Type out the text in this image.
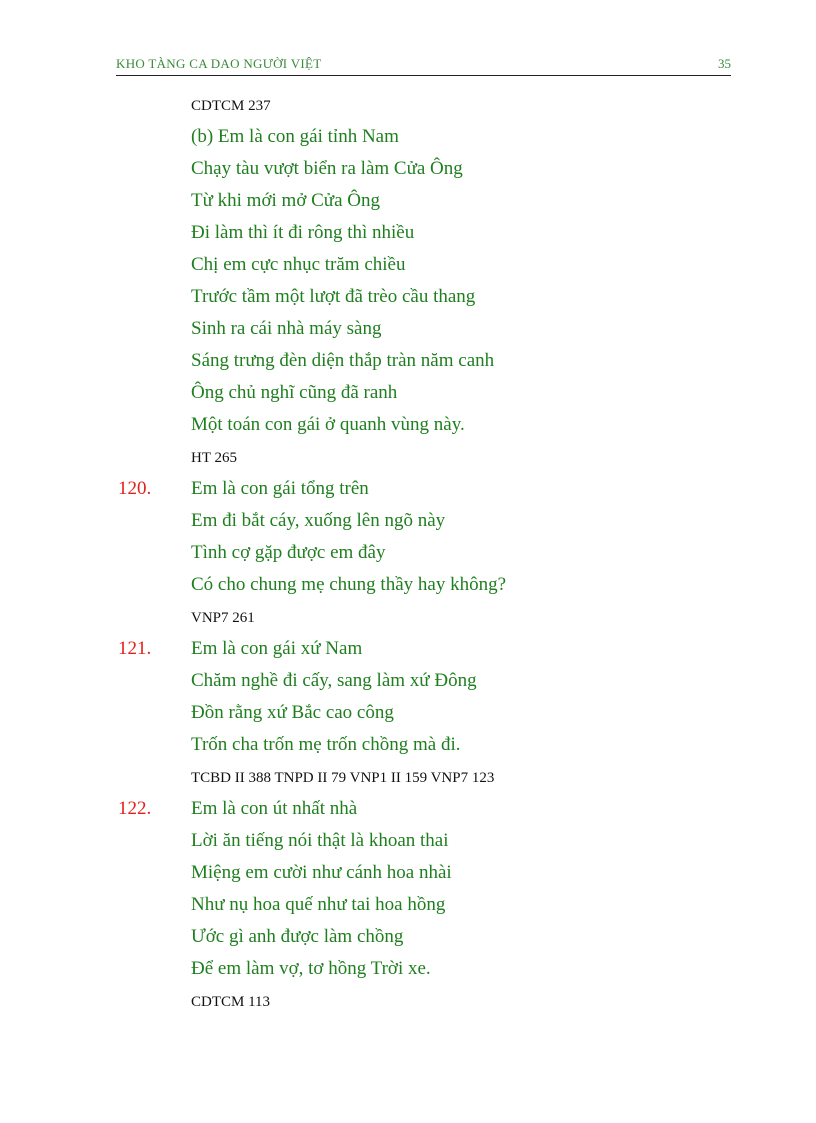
KHO TÀNG CA DAO NGƯỜI VIỆT	35
CDTCM 237
(b) Em là con gái tỉnh Nam
Chạy tàu vượt biển ra làm Cửa Ông
Từ khi mới mở Cửa Ông
Đi làm thì ít đi rông thì nhiều
Chị em cực nhục trăm chiều
Trước tầm một lượt đã trèo cầu thang
Sinh ra cái nhà máy sàng
Sáng trưng đèn diện thắp tràn năm canh
Ông chủ nghĩ cũng đã ranh
Một toán con gái ở quanh vùng này.
HT 265
120. Em là con gái tổng trên
Em đi bắt cáy, xuống lên ngõ này
Tình cợ gặp được em đây
Có cho chung mẹ chung thầy hay không?
VNP7 261
121. Em là con gái xứ Nam
Chăm nghề đi cấy, sang làm xứ Đông
Đồn rằng xứ Bắc cao công
Trốn cha trốn mẹ trốn chồng mà đi.
TCBD II 388 TNPD II 79 VNP1 II 159 VNP7 123
122. Em là con út nhất nhà
Lời ăn tiếng nói thật là khoan thai
Miệng em cười như cánh hoa nhài
Như nụ hoa quế như tai hoa hồng
Ước gì anh được làm chồng
Để em làm vợ, tơ hồng Trời xe.
CDTCM 113
